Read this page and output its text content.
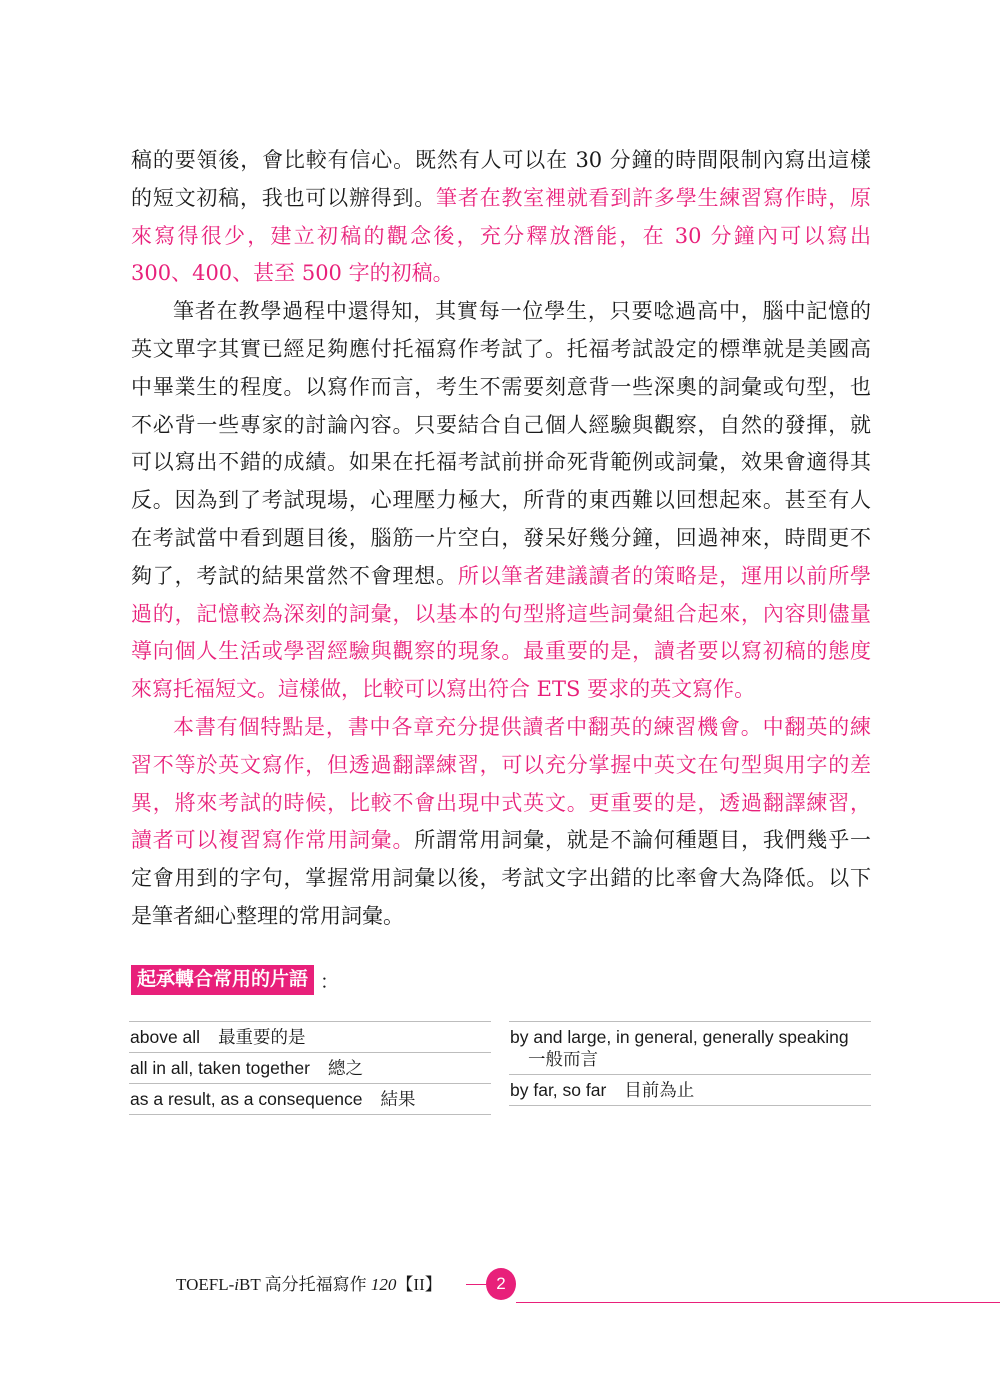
稿的要領後，會比較有信心。既然有人可以在 30 分鐘的時間限制內寫出這樣
的短文初稿，我也可以辦得到。筆者在教室裡就看到許多學生練習寫作時，原
來寫得很少，建立初稿的觀念後，充分釋放潛能，在 30 分鐘內可以寫出
300、400、甚至 500 字的初稿。
筆者在教學過程中還得知，其實每一位學生，只要唸過高中，腦中記憶的
英文單字其實已經足夠應付托福寫作考試了。托福考試設定的標準就是美國高
中畢業生的程度。以寫作而言，考生不需要刻意背一些深奧的詞彙或句型，也
不必背一些專家的討論內容。只要結合自己個人經驗與觀察，自然的發揮，就
可以寫出不錯的成績。如果在托福考試前拼命死背範例或詞彙，效果會適得其
反。因為到了考試現場，心理壓力極大，所背的東西難以回想起來。甚至有人
在考試當中看到題目後，腦筋一片空白，發呆好幾分鐘，回過神來，時間更不
夠了，考試的結果當然不會理想。所以筆者建議讀者的策略是，運用以前所學
過的，記憶較為深刻的詞彙，以基本的句型將這些詞彙組合起來，內容則儘量
導向個人生活或學習經驗與觀察的現象。最重要的是，讀者要以寫初稿的態度
來寫托福短文。這樣做，比較可以寫出符合 ETS 要求的英文寫作。
本書有個特點是，書中各章充分提供讀者中翻英的練習機會。中翻英的練
習不等於英文寫作，但透過翻譯練習，可以充分掌握中英文在句型與用字的差
異，將來考試的時候，比較不會出現中式英文。更重要的是，透過翻譯練習，
讀者可以複習寫作常用詞彙。所謂常用詞彙，就是不論何種題目，我們幾乎一
定會用到的字句，掌握常用詞彙以後，考試文字出錯的比率會大為降低。以下
是筆者細心整理的常用詞彙。
起承轉合常用的片語 ：
above all 最重要的是
all in all, taken together 總之
as a result, as a consequence 結果
by and large, in general, generally speaking一般而言
by far, so far 目前為止
TOEFL-iBT 高分托福寫作 120【II】	2
